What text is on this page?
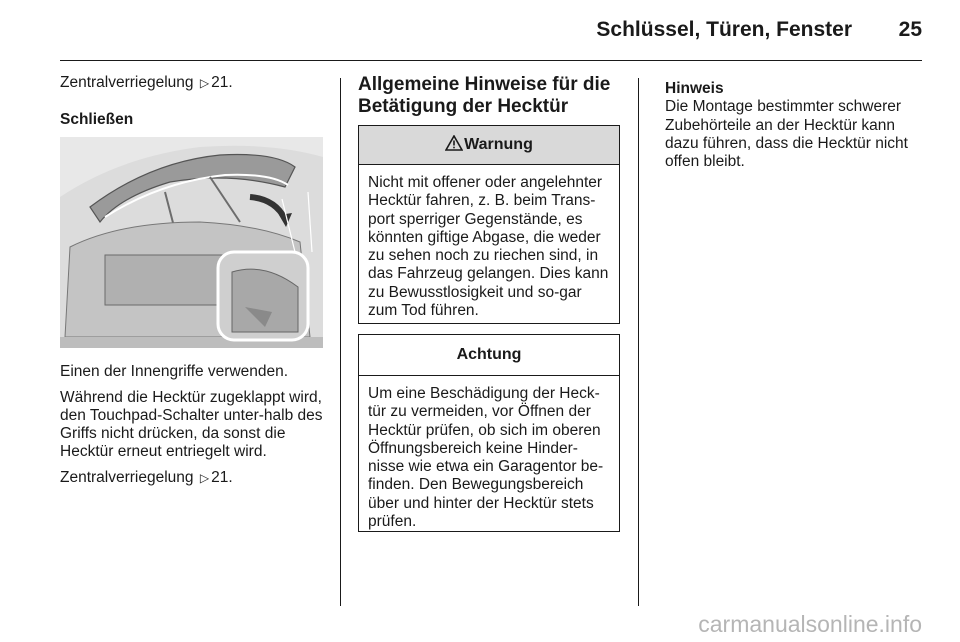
Schlüssel, Türen, Fenster	25

Zentralverriegelung ▷ 21.

Schließen

Einen der Innengriffe verwenden.

Während die Hecktür zugeklappt wird, den Touchpad-Schalter unter-halb des Griffs nicht drücken, da sonst die Hecktür erneut entriegelt wird.

Zentralverriegelung ▷ 21.

Allgemeine Hinweise für die Betätigung der Hecktür

Warnung
Nicht mit offener oder angelehnter Hecktür fahren, z. B. beim Trans-port sperriger Gegenstände, es könnten giftige Abgase, die weder zu sehen noch zu riechen sind, in das Fahrzeug gelangen. Dies kann zu Bewusstlosigkeit und so-gar zum Tod führen.
Achtung
Um eine Beschädigung der Heck-tür zu vermeiden, vor Öffnen der Hecktür prüfen, ob sich im oberen Öffnungsbereich keine Hinder-nisse wie etwa ein Garagentor be-finden. Den Bewegungsbereich über und hinter der Hecktür stets prüfen.

Hinweis

Die Montage bestimmter schwerer Zubehörteile an der Hecktür kann dazu führen, dass die Hecktür nicht offen bleibt.

carmanualsonline.info
